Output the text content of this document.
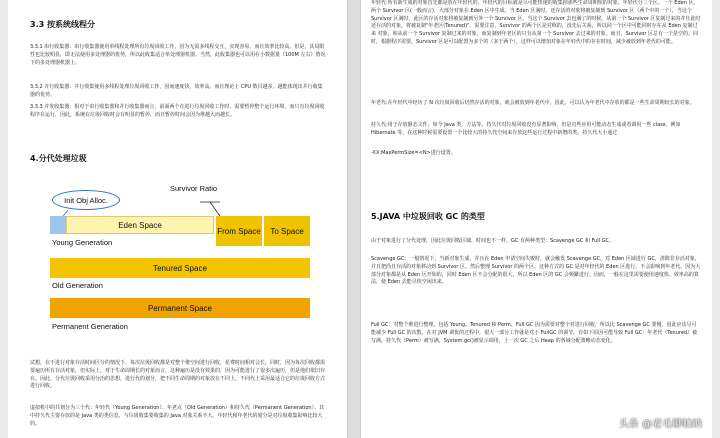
3.3 按系统线程分
3.3.1 串行收集器：串行收集器使用单线程处理所有垃圾回收工作，因为无需多线程交互，实现容易，而且效率比较高。但是，其局限性也比较明显，即无法使用多处理器的优势，所以此收集适合单处理器机器。当然，此收集器也可以用在小数据量（100M 左右）情况下的多处理器机器上。
3.3.2 并行收集器：并行收集使用多线程处理垃圾回收工作，因而速度快，效率高。而且理论上 CPU 数目越多，越能体现出并行收集器的优势。
3.3.3 并发收集器：相对于串行收集器和并行收集器而言，前面两个在进行垃圾回收工作时，需要暂停整个运行环境，而只有垃圾回收程序在运行，因此，系统在垃圾回收时会有明显的暂停，而且暂停时间会因为堆越大而越长。
4.分代处理垃圾
Init Obj Alloc.
Survivor Ratio
Eden Space
From Space To Space
Young Generation
Tenured Space
Old Generation
Permanent Space
Permanent Generation
试想，在不进行对象存活时间区分的情况下，每次垃圾回收都是对整个堆空间进行回收，花费时间相对会长，同时，因为每次回收都需要遍历所有存活对象，但实际上，对于生命周期长的对象而言，这种遍历是没有效果的，因为可能进行了很多次遍历，但是他们依旧存在。因此，分代垃圾回收采用分治的思想，进行代的划分，把不同生命周期的对象放在不同上，不同代上采用最适合它的垃圾回收方式进行回收。
虚拟机中的共划分为三个代：年轻代（Young Generation）、年老点（Old Generation）和持久代（Permanent Generation）。其中持久代主要存放的是 Java 类的类信息，与垃圾收集要收集的 Java 对象关系不大。年轻代和年老代的划分是对垃圾收集影响比较大的。
年轻代:所有新生成的对象首先都是放在年轻代的。年轻代的目标就是尽可能快速的收集掉那些生命周期短的对象。年轻代分三个区。一个 Eden 区，两个 Survivor 区(一般而言)。大部分对象在 Eden 区中生成。当 Eden 区满时，还存活的对象将被复制到 Survivor 区（两个中的一个），当这个 Survivor 区满时，此区的存活对象将被复制到另外一个 Survivor 区，当这个 Survivor 去也满了的时候，从第一个 Survivor 区复制过来的并且此时还存活的对象，将被复制"年老区(Tenured)"。需要注意，Survivor 的两个区是对称的，没先后关系，所以同一个区中可能同时存在从 Eden 复制过来 对象，和从前一个 Survivor 复制过来的对象，而复制到年老区的只有从第一个 Survivor 去过来的对象。而且，Survivor 区总有一个是空的。同时，根据程序需要，Survivor 区是可以配置为多个的（多于两个），这样可以增加对象在年轻代中的存在时间，减少被放到年老代的可能。
年老代:在年轻代中经历了 N 次垃圾回收后仍然存活的对象，就会被放到年老代中。因此，可以认为年老代中存放的都是一些生命周期较长的对象。
持久代:用于存放静态文件，如今 Java 类、方法等。持久代对垃圾回收没有显著影响，但是有些应用可能动态生成或者调用一些 class，例如 Hibernate 等，在这种时候需要设置一个比较大的持久代空间来存放这些运行过程中新增的类。持久代大小通过
-XX:MaxPermSize=<N>进行设置。
5.JAVA 中垃圾回收 GC 的类型
由于对象进行了分代处理，因此垃圾回收区域、时间也不一样。GC 有两种类型：Scavenge GC 和 Full GC。
Scavenge GC：一般情况下，当新对象生成，并且在 Eden 申请空间失败时，就会触发 Scavenge GC，对 Eden 区域进行 GC，清除非存活对象，并且把尚且存活的对象移动到 Survivor 区。然后整理 Survivor 的两个区。这种方式的 GC 是对年轻代的 Eden 区进行，不会影响到年老代。因为大部分对象都是从 Eden 区开始的，同时 Eden 区不会分配的很大，所以 Eden 区的 GC 会频繁进行。因而，一般在这里需要使用速度快、效率高的算法，使 Eden 去能尽快空闲出来。
Full GC：对整个堆进行整理，包括 Young、Tenured 和 Perm。Full GC 因为需要对整个对进行回收，所以比 Scavenge GC 要慢，因此应该尽可能减少 Full GC 的次数。在对 JVM 调优的过程中，很大一部分工作就是对于 FullGC 的调节。有如下原因可能导致 Full GC：年老代（Tenured）被写满，持久代（Perm）被写满，System.gc()被显示调用，上一次 GC 之后 Heap 的各域分配策略动态变化。
头条 @老毛聊帕纳
